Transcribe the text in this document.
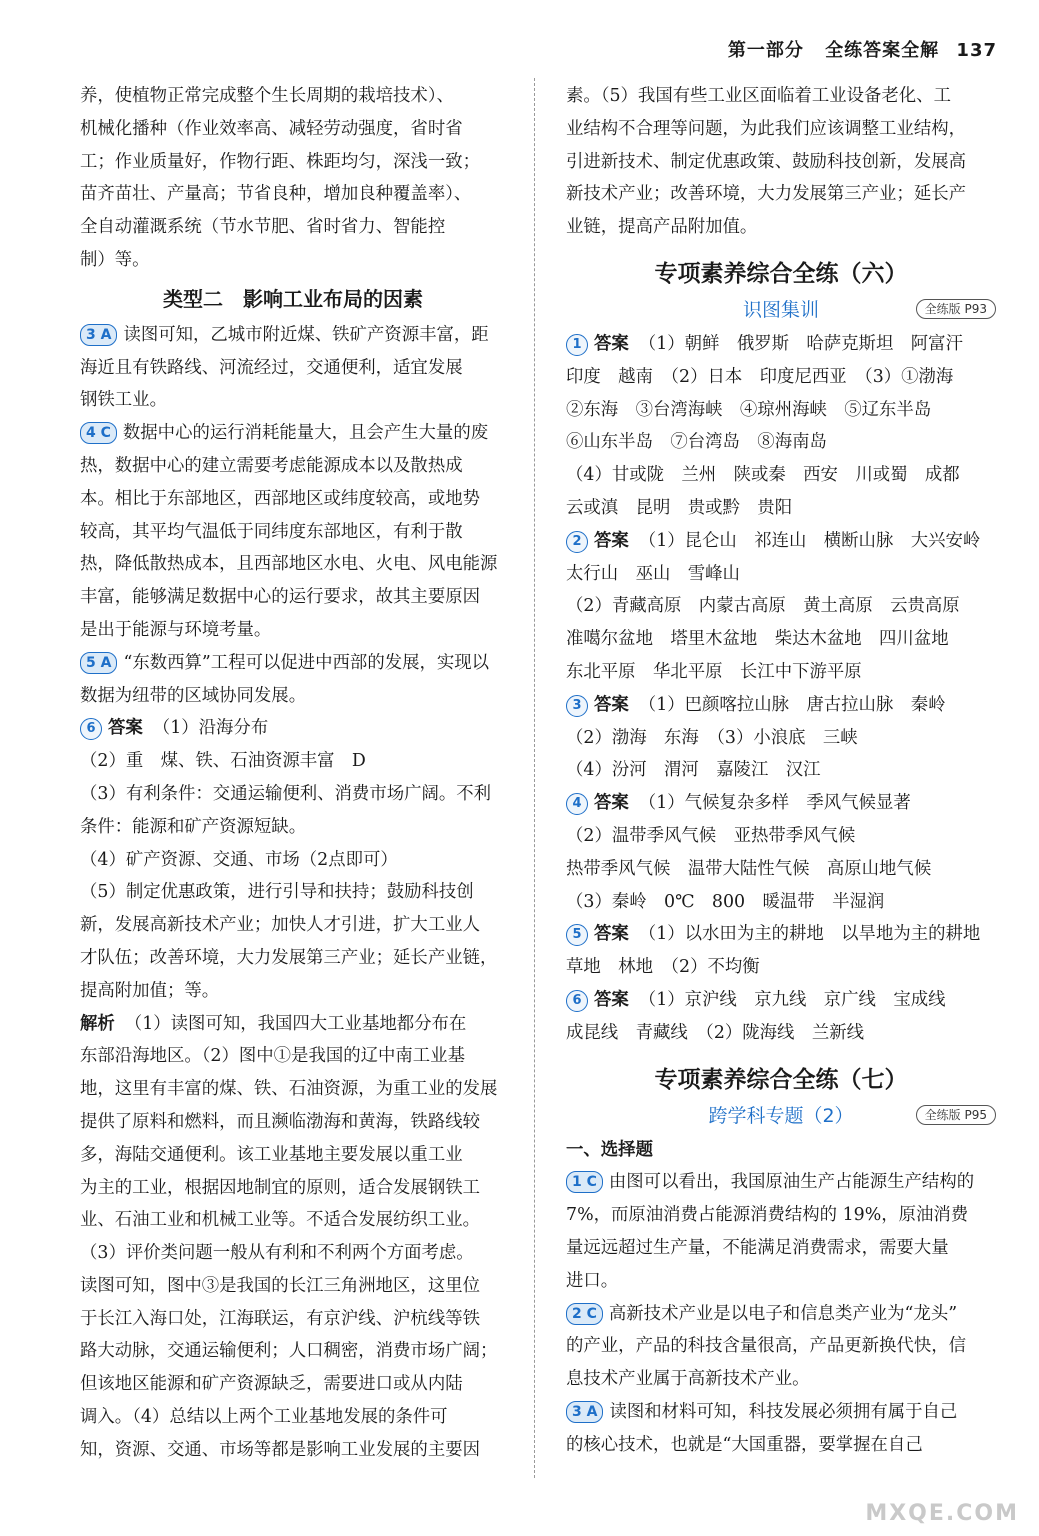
第一部分 全练答案全解 137

养，使植物正常完成整个生长周期的栽培技术）、

机械化播种（作业效率高、减轻劳动强度，省时省

工；作业质量好，作物行距、株距均匀，深浅一致；

苗齐苗壮、产量高；节省良种，增加良种覆盖率）、

全自动灌溉系统（节水节肥、省时省力、智能控

制）等。

类型二 影响工业布局的因素

3 A 读图可知，乙城市附近煤、铁矿产资源丰富，距

海近且有铁路线、河流经过，交通便利，适宜发展

钢铁工业。

4 C 数据中心的运行消耗能量大，且会产生大量的废

热，数据中心的建立需要考虑能源成本以及散热成

本。相比于东部地区，西部地区或纬度较高，或地势

较高，其平均气温低于同纬度东部地区，有利于散

热，降低散热成本，且西部地区水电、火电、风电能源

丰富，能够满足数据中心的运行要求，故其主要原因

是出于能源与环境考量。

5 A “东数西算”工程可以促进中西部的发展，实现以

数据为纽带的区域协同发展。

6 答案 （1）沿海分布

（2）重　煤、铁、石油资源丰富　D

（3）有利条件：交通运输便利、消费市场广阔。不利

条件：能源和矿产资源短缺。

（4）矿产资源、交通、市场（2点即可）

（5）制定优惠政策，进行引导和扶持；鼓励科技创

新，发展高新技术产业；加快人才引进，扩大工业人

才队伍；改善环境，大力发展第三产业；延长产业链，

提高附加值；等。

解析 （1）读图可知，我国四大工业基地都分布在

东部沿海地区。（2）图中①是我国的辽中南工业基

地，这里有丰富的煤、铁、石油资源，为重工业的发展

提供了原料和燃料，而且濒临渤海和黄海，铁路线较

多，海陆交通便利。该工业基地主要发展以重工业

为主的工业，根据因地制宜的原则，适合发展钢铁工

业、石油工业和机械工业等。不适合发展纺织工业。

（3）评价类问题一般从有利和不利两个方面考虑。

读图可知，图中③是我国的长江三角洲地区，这里位

于长江入海口处，江海联运，有京沪线、沪杭线等铁

路大动脉，交通运输便利；人口稠密，消费市场广阔；

但该地区能源和矿产资源缺乏，需要进口或从内陆

调入。（4）总结以上两个工业基地发展的条件可

知，资源、交通、市场等都是影响工业发展的主要因

素。（5）我国有些工业区面临着工业设备老化、工

业结构不合理等问题，为此我们应该调整工业结构，

引进新技术、制定优惠政策、鼓励科技创新，发展高

新技术产业；改善环境，大力发展第三产业；延长产

业链，提高产品附加值。

专项素养综合全练（六）
识图集训	全练版 P93

1 答案 （1）朝鲜　俄罗斯　哈萨克斯坦　阿富汗

印度　越南　（2）日本　印度尼西亚　（3）①渤海

②东海　③台湾海峡　④琼州海峡　⑤辽东半岛

⑥山东半岛　⑦台湾岛　⑧海南岛

（4）甘或陇　兰州　陕或秦　西安　川或蜀　成都

云或滇　昆明　贵或黔　贵阳

2 答案 （1）昆仑山　祁连山　横断山脉　大兴安岭

太行山　巫山　雪峰山

（2）青藏高原　内蒙古高原　黄土高原　云贵高原

准噶尔盆地　塔里木盆地　柴达木盆地　四川盆地

东北平原　华北平原　长江中下游平原

3 答案 （1）巴颜喀拉山脉　唐古拉山脉　秦岭

（2）渤海　东海　（3）小浪底　三峡

（4）汾河　渭河　嘉陵江　汉江

4 答案 （1）气候复杂多样　季风气候显著

（2）温带季风气候　亚热带季风气候

热带季风气候　温带大陆性气候　高原山地气候

（3）秦岭　0℃　800　暖温带　半湿润

5 答案 （1）以水田为主的耕地　以旱地为主的耕地

草地　林地　（2）不均衡

6 答案 （1）京沪线　京九线　京广线　宝成线

成昆线　青藏线　（2）陇海线　兰新线

专项素养综合全练（七）
跨学科专题（2）	全练版 P95

一、选择题

1 C 由图可以看出，我国原油生产占能源生产结构的

7%，而原油消费占能源消费结构的 19%，原油消费

量远远超过生产量，不能满足消费需求，需要大量

进口。

2 C 高新技术产业是以电子和信息类产业为“龙头”

的产业，产品的科技含量很高，产品更新换代快，信

息技术产业属于高新技术产业。

3 A 读图和材料可知，科技发展必须拥有属于自己

的核心技术，也就是“大国重器，要掌握在自己

MXQE.COM
